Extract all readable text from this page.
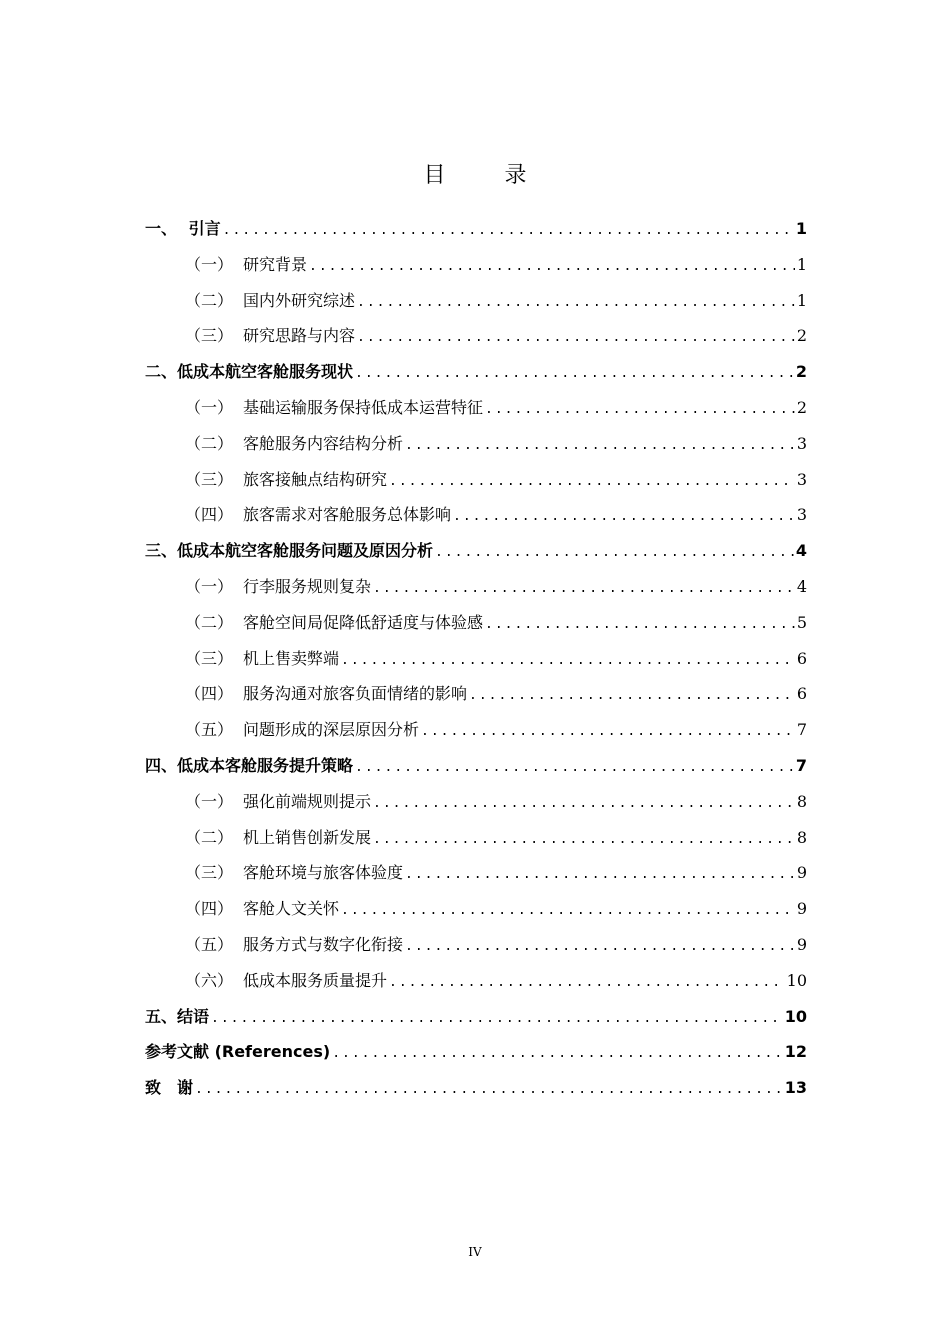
目 录
一、 引言 .....	1
（一） 研究背景 .....	1
（二） 国内外研究综述 .....	1
（三） 研究思路与内容 .....	2
二、 低成本航空客舱服务现状 .....	2
（一） 基础运输服务保持低成本运营特征 .....	2
（二） 客舱服务内容结构分析 .....	3
（三） 旅客接触点结构研究 .....	3
（四） 旅客需求对客舱服务总体影响 .....	3
三、 低成本航空客舱服务问题及原因分析 .....	4
（一） 行李服务规则复杂 .....	4
（二） 客舱空间局促降低舒适度与体验感 .....	5
（三） 机上售卖弊端 .....	6
（四） 服务沟通对旅客负面情绪的影响 .....	6
（五） 问题形成的深层原因分析 .....	7
四、 低成本客舱服务提升策略 .....	7
（一） 强化前端规则提示 .....	8
（二） 机上销售创新发展 .....	8
（三） 客舱环境与旅客体验度 .....	9
（四） 客舱人文关怀 .....	9
（五） 服务方式与数字化衔接 .....	9
（六） 低成本服务质量提升 .....	10
五、 结语 .....	10
参考文献 (References) .....	12
致　谢 .....	13
IV
